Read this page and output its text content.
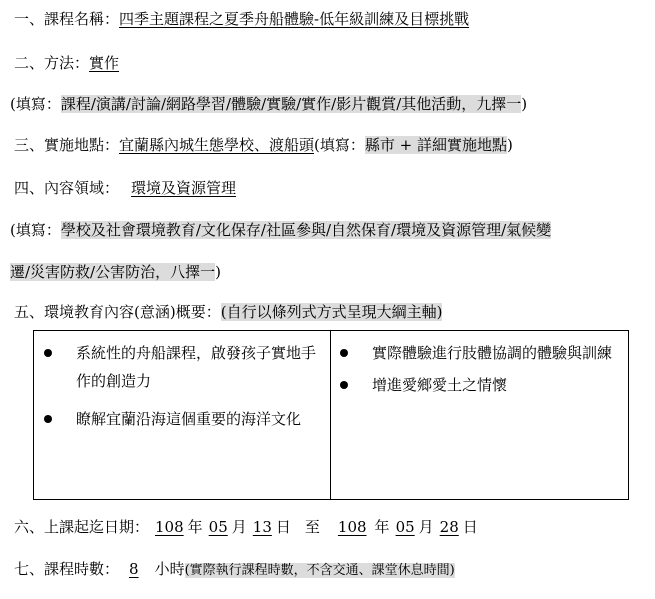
一、課程名稱：四季主題課程之夏季舟船體驗-低年級訓練及目標挑戰
二、方法：實作
(填寫：課程/演講/討論/網路學習/體驗/實驗/實作/影片觀賞/其他活動，九擇一)
三、實施地點：宜蘭縣內城生態學校、渡船頭(填寫：縣市 + 詳細實施地點)
四、內容領域： 環境及資源管理
(填寫：學校及社會環境教育/文化保存/社區參與/自然保育/環境及資源管理/氣候變
遷/災害防救/公害防治，八擇一)
五、環境教育內容(意涵)概要：(自行以條列式方式呈現大綱主軸)
系統性的舟船課程，啟發孩子實地手
作的創造力
瞭解宜蘭沿海這個重要的海洋文化
實際體驗進行肢體協調的體驗與訓練
增進愛鄉愛土之情懷
六、上課起迄日期： 108 年 05 月 13 日 至 108 年 05 月 28 日
七、課程時數： 8 小時(實際執行課程時數，不含交通、課堂休息時間)
